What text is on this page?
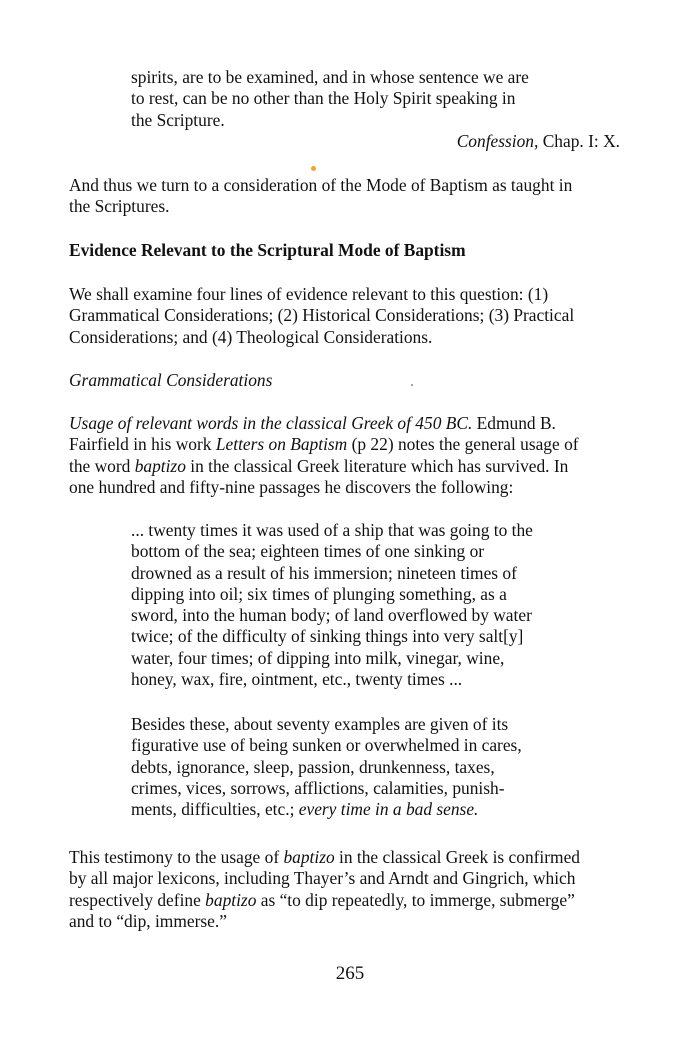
spirits, are to be examined, and in whose sentence we are
to rest, can be no other than the Holy Spirit speaking in
the Scripture.
Confession, Chap. I: X.
And thus we turn to a consideration of the Mode of Baptism as taught in
the Scriptures.
Evidence Relevant to the Scriptural Mode of Baptism
We shall examine four lines of evidence relevant to this question: (1)
Grammatical Considerations; (2) Historical Considerations; (3) Practical
Considerations; and (4) Theological Considerations.
Grammatical Considerations
Usage of relevant words in the classical Greek of 450 BC. Edmund B.
Fairfield in his work Letters on Baptism (p 22) notes the general usage of
the word baptizo in the classical Greek literature which has survived. In
one hundred and fifty-nine passages he discovers the following:
... twenty times it was used of a ship that was going to the
bottom of the sea; eighteen times of one sinking or
drowned as a result of his immersion; nineteen times of
dipping into oil; six times of plunging something, as a
sword, into the human body; of land overflowed by water
twice; of the difficulty of sinking things into very salt[y]
water, four times; of dipping into milk, vinegar, wine,
honey, wax, fire, ointment, etc., twenty times ...
Besides these, about seventy examples are given of its
figurative use of being sunken or overwhelmed in cares,
debts, ignorance, sleep, passion, drunkenness, taxes,
crimes, vices, sorrows, afflictions, calamities, punish-
ments, difficulties, etc.; every time in a bad sense.
This testimony to the usage of baptizo in the classical Greek is confirmed
by all major lexicons, including Thayer’s and Arndt and Gingrich, which
respectively define baptizo as “to dip repeatedly, to immerge, submerge”
and to “dip, immerse.”
265
